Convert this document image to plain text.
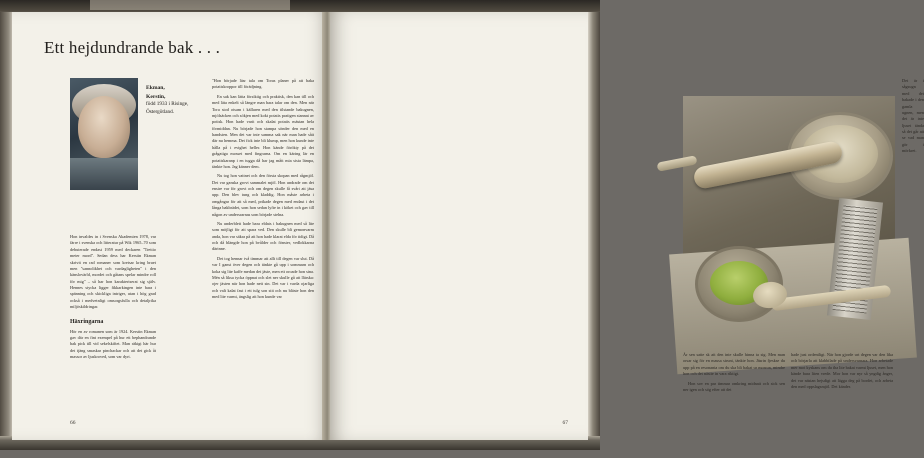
Ett hejdundrande bak . . .
Ekman,
Kerstin,
född 1933 i Risinge, Östergötland.

Hon invaldes in i Svenska Akademien 1978, var färre i svenska och litteratur på Wik 1965–70 som debuterade endast 1959 med deckaren "Trettio meter mord". Sedan dess har Kerstin Ekman skrivit en rad romaner som kretsar kring bruet men "sannolikhet och vardagligheten" i den känslovärld, mordet och gåtans spelar mindre roll för mig" – så har hon karakteriserat sig själv. Hennes stycka ligger fikkarkingen inte bara i spänning och skickliga intriger, utan i hög grad också i medvetnligt omsorgsfulla och detaljrika miljöskildringar.

Häxringarna

Hör en av romanen som är 1924. Kerstin Ekman gav där en fint exempel på hur ett bephandrande bak pick till vid sekelskiftet. Man räkigt här hur det tjäng smaskar pinchackar och att det gick åt massor av ljuskroved, som var dyrt.

"Hon började läsr tala om Toras planer på att baka potatiskroppor till förädjning.

En sak kan lätta försiktig och praktisk, den kan till och med läta enkelt så längre man bara talar om den. Men när Tora stod otsam i källaren med den tilstande bakugnen, mjölsäcken och sökjen med kokt potatis pratigen stannat av potisk. Hon hade varit och skalat potatis mästan hela förmiddan. Nu började hon stampa sönder den med en handsten. Men det var inte samma sak när man hade sått där nu hemma. Det fick inte bli klump, men hon kunde inte hålla på i evighet heller. Hon kände förökty på det grågatiga mosset med fingrarna. Om en käring lär en potatiskaranp i en tugga då har jag mått mia sista lämpa, tänkte hon. Jag känner dem.

Nu tog hon vattnet och den första skopan med rågmjöl. Det var ganska grovt sammalet mjöl. Hon undrade om det ensire var för grovt och om degen skulle få svårt att jäsa upp. Den blev tung och kladdig. Hon måste arbeta i omgångar för att så med, prikade degen med endast i det långa bakbrädet, som hon sedan lyfte in i köket och gav till någon av undersrarnas som började stelna.

Nu underblett hade bara eldats i bakugnen med så lite som möjligt för att spara ved. Den skulle bli gemonvarm anda, hon var säkra på att hon hade klarat elda för tidigt. Då och då blängde hon på bvålder och fönster, vedlokkarna därinne.

Det tog hennar två timmar att allt till degen var slut. Då var I ganst över degen och tänkte gå upp i sommarn och koka sig lite kaffe medan det jäste, men ett oroade hon sina. Mén så liksa tycka öppnat och slet ner skulle gå att llärska: ojer jästen när hon hade nett sin. Det var i varda ojarliga och valt kalat fast i ett tulg son stit och nu bläste hon den med lite varmt, ängslig att hon kunde var

66

Är sen satte sk att den inte skulle hinna ta sig. Men man orsar sig för en massa strunt, tänkte hon. Jäsrin fjeskse du upp på en resonanta om du ska bli bakat ur morron, mindre hon och det nästte in vara riktigt.

Hon sov en par timmar omkring midnatt och sick sen ner igen och sög efter att det

hade just ordentligt. När hon gjorde urt degen var den lika och börjarla att klabbilade på undersvarnara. Hon arbetade mer mot kyskans om du tha lite bakat varmt ljuset, men hon kände bara liten vrede. Mor hon var nyr så yngdig ånger, det var nästan hejsdigt att lägga deg på bordet, och arbeta den med oppslagsmjöl. Det kändes

Det är i sågsugn med det bakade i den gamla ugnen, men det är inte ljuset tända så det går att se vad man gör i mörkret.

67
